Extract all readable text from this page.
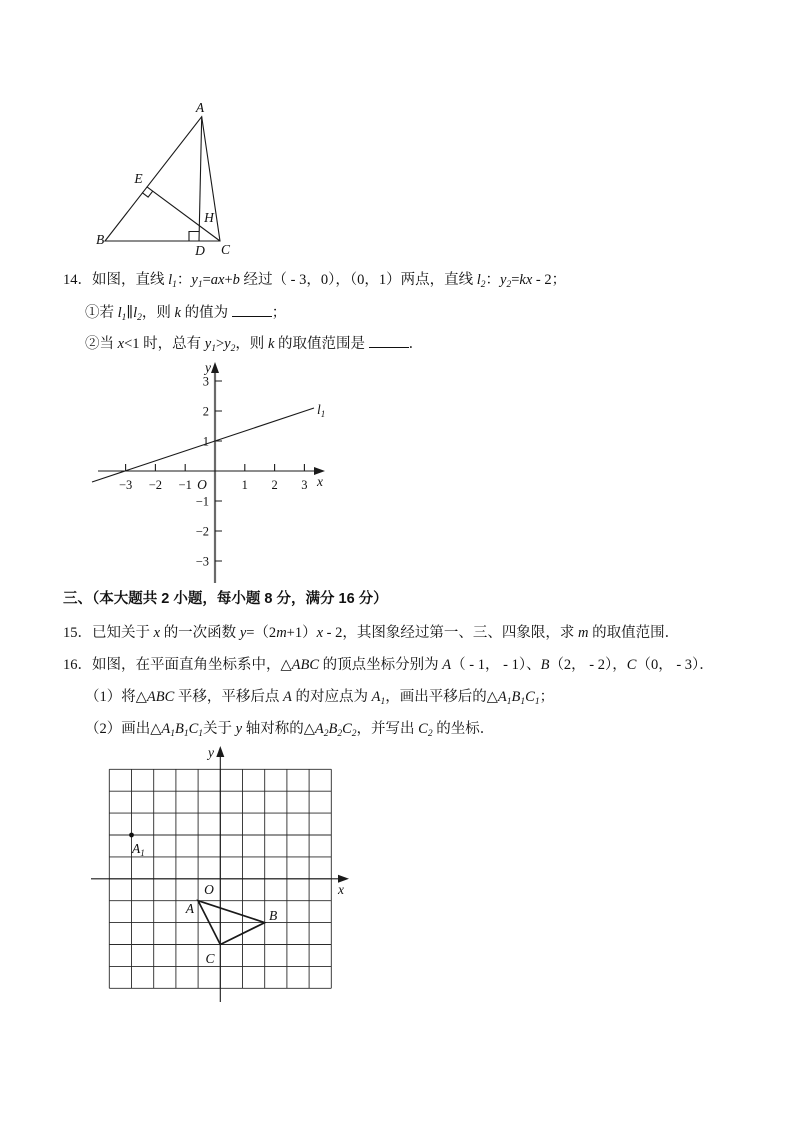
A
B
C
D
E
H
14．如图，直线 $l_1$：$y_1=ax+b$ 经过（ - 3，0），（0，1）两点，直线 $l_2$：$y_2=kx - 2$；
①若 $l_1\parallel l_2$，则 k 的值为	；
②当 x<1 时，总有 $y_1>y_2$，则 k 的取值范围是	．
y
x
O
l1
−3 −2 −1	1 2 3
3
2
1
−1
−2
−3
三、（本大题共 2 小题，每小题 8 分，满分 16 分）
15．已知关于 x 的一次函数 y=（2m+1）x - 2，其图象经过第一、三、四象限，求 m 的取值范围．
16．如图，在平面直角坐标系中，△ABC 的顶点坐标分别为 A（ - 1， - 1）、B（2， - 2），C（0， - 3）．
（1）将△ABC 平移，平移后点 A 的对应点为 $A_1$，画出平移后的$\triangle A_1B_1C_1$；
（2）画出$\triangle A_1B_1C_1$关于 y 轴对称的$\triangle A_2B_2C_2$，并写出 $C_2$ 的坐标．
A1
y
x
O
A	B
C
